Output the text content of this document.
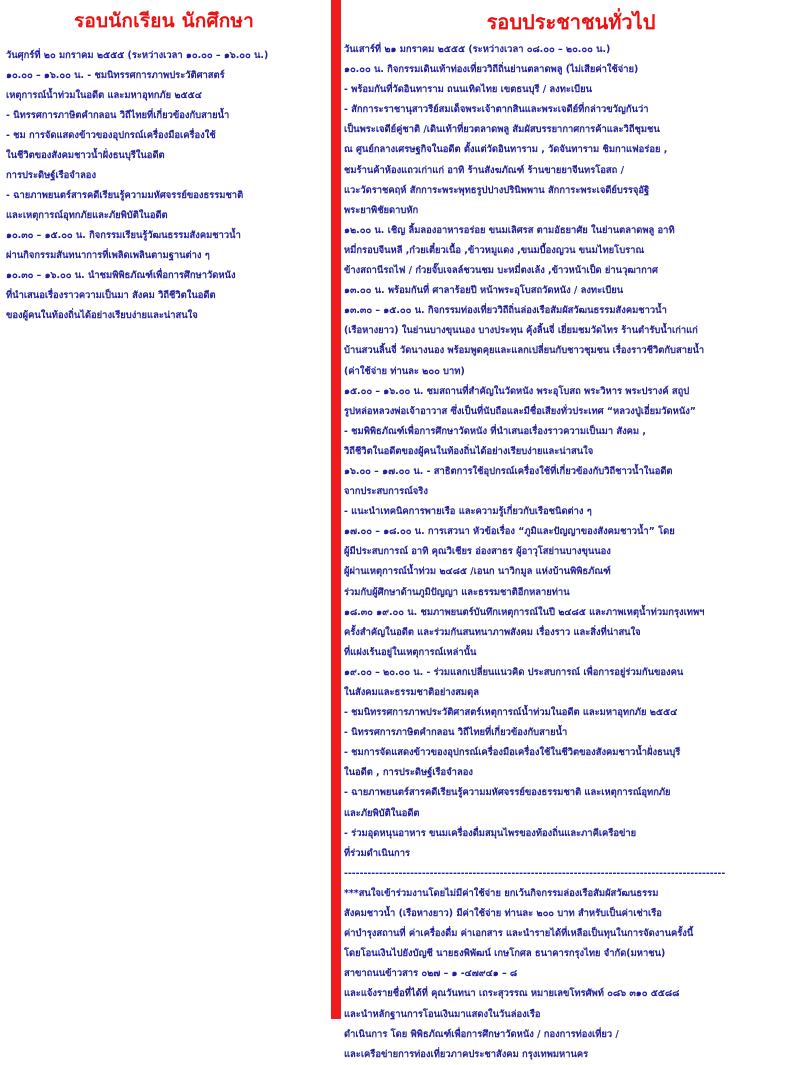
รอบนักเรียน นักศึกษา
วันศุกร์ที่ ๒๐ มกราคม ๒๕๕๕ (ระหว่างเวลา ๑๐.๐๐ – ๑๖.๐๐ น.)
๑๐.๐๐ – ๑๖.๐๐ น. - ชมนิทรรศการภาพประวัติศาสตร์
เหตุการณ์น้ำท่วมในอดีต และมหาอุทกภัย ๒๕๕๔
- นิทรรศการภาษิตคำกลอน วิถีไทยที่เกี่ยวข้องกับสายน้ำ
- ชม การจัดแสดงข้าวของอุปกรณ์เครื่องมือเครื่องใช้
ในชีวิตของสังคมชาวน้ำฝั่งธนบุรีในอดีต
การประดิษฐ์เรือจำลอง
- ฉายภาพยนตร์สารคดีเรียนรู้ความมหัศจรรย์ของธรรมชาติ
และเหตุการณ์อุทกภัยและภัยพิบัติในอดีต
๑๐.๓๐ – ๑๕.๐๐ น. กิจกรรมเรียนรู้วัฒนธรรมสังคมชาวน้ำ
ผ่านกิจกรรมสันทนาการที่เพลิดเพลินตามฐานต่าง ๆ
๑๐.๓๐ – ๑๖.๐๐ น. นำชมพิพิธภัณฑ์เพื่อการศึกษาวัดหนัง
ที่นำเสนอเรื่องราวความเป็นมา สังคม วิถีชีวิตในอดีต
ของผู้คนในท้องถิ่นได้อย่างเรียบง่ายและน่าสนใจ
รอบประชาชนทั่วไป
วันเสาร์ที่ ๒๑ มกราคม ๒๕๕๕ (ระหว่างเวลา ๐๘.๐๐ – ๒๐.๐๐ น.)
๑๐.๐๐ น. กิจกรรมเดินเท้าท่องเที่ยววิถีถิ่นย่านตลาดพลู (ไม่เสียค่าใช้จ่าย)
- พร้อมกันที่วัดอินทาราม ถนนเทิดไทย เขตธนบุรี / ลงทะเบียน
- สักการะราชานุสาวรีย์สมเด็จพระเจ้าตากสินและพระเจดีย์ที่กล่าวขวัญกันว่า
เป็นพระเจดีย์คู่ชาติ /เดินเท้าที่ยวตลาดพลู สัมผัสบรรยากาศการค้าและวิถีชุมชน
ณ ศูนย์กลางเศรษฐกิจในอดีต ตั้งแต่วัดอินทาราม , วัดจันทาราม ชิมกาแฟอร่อย ,
ชมร้านค้าห้องแถวเก่าแก่ อาทิ ร้านสังฆภัณฑ์ ร้านขายยาจีนทรโอสถ /
แวะวัดราชคฤห์ สักการะพระพุทธรูปปางปรินิพพาน สักการะพระเจดีย์บรรจุอัฐิ
พระยาพิชัยดาบหัก
๑๒.๐๐ น. เชิญ ลิ้มลองอาหารอร่อย ขนมเลิศรส ตามอัธยาศัย ในย่านตลาดพลู อาทิ
หมี่กรอบจีนหลี ,ก๋วยเตี๋ยวเนื้อ ,ข้าวหมูแดง ,ขนมบี้องญวน ขนมไทยโบราณ
ข้างสถานีรถไฟ / ก๋วยจั๊บเจลล์ชวนชม บะหมี่ตงเล้ง ,ข้าวหน้าเป็ด ย่านวุฒากาศ
๑๓.๐๐ น. พร้อมกันที่ ศาลาร้อยปี หน้าพระอุโบสถวัดหนัง / ลงทะเบียน
๑๓.๓๐ – ๑๕.๐๐ น. กิจกรรมท่องเที่ยววิถีถิ่นล่องเรือสัมผัสวัฒนธรรมสังคมชาวน้ำ
(เรือหางยาว) ในย่านบางขุนนอง บางประทุน คุ้งลิ้นจี่ เยี่ยมชมวัดไทร ร้านตำรับน้ำเก่าแก่
บ้านสวนลิ้นจี่ วัดนางนอง พร้อมพูดคุยและแลกเปลี่ยนกับชาวชุมชน เรื่องราวชีวิตกับสายน้ำ
(ค่าใช้จ่าย ท่านละ ๒๐๐ บาท)
๑๕.๐๐ – ๑๖.๐๐ น. ชมสถานที่สำคัญในวัดหนัง พระอุโบสถ พระวิหาร พระปรางค์ สถูป
รูปหล่อหลวงพ่อเจ้าอาวาส ซึ่งเป็นที่นับถือและมีชื่อเสียงทั่วประเทศ “หลวงปู่เอี่ยมวัดหนัง”
- ชมพิพิธภัณฑ์เพื่อการศึกษาวัดหนัง ที่นำเสนอเรื่องราวความเป็นมา สังคม ,
วิถีชีวิตในอดีตของผู้คนในท้องถิ่นได้อย่างเรียบง่ายและน่าสนใจ
๑๖.๐๐ – ๑๗.๐๐ น. - สาธิตการใช้อุปกรณ์เครื่องใช้ที่เกี่ยวข้องกับวิถีชาวน้ำในอดีต
จากประสบการณ์จริง
- แนะนำเทคนิคการพายเรือ และความรู้เกี่ยวกับเรือชนิดต่าง ๆ
๑๗.๐๐ – ๑๘.๐๐ น. การเสวนา หัวข้อเรื่อง “ภูมิและปัญญาของสังคมชาวน้ำ” โดย
ผู้มีประสบการณ์ อาทิ คุณวิเชียร อ่องสาธร ผู้อาวุโสย่านบางขุนนอง
ผู้ผ่านเหตุการณ์น้ำท่วม ๒๔๘๕ /เอนก นาวิกมูล แห่งบ้านพิพิธภัณฑ์
ร่วมกับผู้ศึกษาด้านภูมิปัญญา และธรรมชาติอีกหลายท่าน
๑๘.๓๐ ๑๙.๐๐ น. ชมภาพยนตร์บันทึกเหตุการณ์ในปี ๒๔๘๕ และภาพเหตุน้ำท่วมกรุงเทพฯ
ครั้งสำคัญในอดีต และร่วมกันสนทนาภาพสังคม เรื่องราว และสิ่งที่น่าสนใจ
ที่แฝงเร้นอยู่ในเหตุการณ์เหล่านั้น
๑๙.๐๐ – ๒๐.๐๐ น. - ร่วมแลกเปลี่ยนแนวคิด ประสบการณ์ เพื่อการอยู่ร่วมกันของคน
ในสังคมและธรรมชาติอย่างสมดุล
- ชมนิทรรศการภาพประวัติศาสตร์เหตุการณ์น้ำท่วมในอดีต และมหาอุทกภัย ๒๕๕๔
- นิทรรศการภาษิตคำกลอน วิถีไทยที่เกี่ยวข้องกับสายน้ำ
- ชมการจัดแสดงข้าวของอุปกรณ์เครื่องมือเครื่องใช้ในชีวิตของสังคมชาวน้ำฝั่งธนบุรี
ในอดีต , การประดิษฐ์เรือจำลอง
- ฉายภาพยนตร์สารคดีเรียนรู้ความมหัศจรรย์ของธรรมชาติ และเหตุการณ์อุทกภัย
และภัยพิบัติในอดีต
- ร่วมอุดหนุนอาหาร ขนมเครื่องดื่มสมุนไพรของท้องถิ่นและภาคีเครือข่าย
ที่ร่วมดำเนินการ
--------------------------------------------------------------------------------------------------
***สนใจเข้าร่วมงานโดยไม่มีค่าใช้จ่าย ยกเว้นกิจกรรมล่องเรือสัมผัสวัฒนธรรม
สังคมชาวน้ำ (เรือหางยาว) มีค่าใช้จ่าย ท่านละ ๒๐๐ บาท สำหรับเป็นค่าเช่าเรือ
ค่าบำรุงสถานที่ ค่าเครื่องดื่ม ค่าเอกสาร และนำรายได้ที่เหลือเป็นทุนในการจัดงานครั้งนี้
โดยโอนเงินไปยังบัญชี นายธงพิพัฒน์ เกษโกศล ธนาคารกรุงไทย จำกัด(มหาชน)
สาขาถนนข้าวสาร ๐๒๗ – ๑ -๔๗๙๔๑ – ๘
และแจ้งรายชื่อที่ได้ที่ คุณวันทนา เถระสุวรรณ หมายเลขโทรศัพท์ ๐๘๖ ๓๑๐ ๕๕๘๘
และนำหลักฐานการโอนเงินมาแสดงในวันล่องเรือ
ดำเนินการ โดย พิพิธภัณฑ์เพื่อการศึกษาวัดหนัง / กองการท่องเที่ยว /
และเครือข่ายการท่องเที่ยวภาคประชาสังคม กรุงเทพมหานคร
